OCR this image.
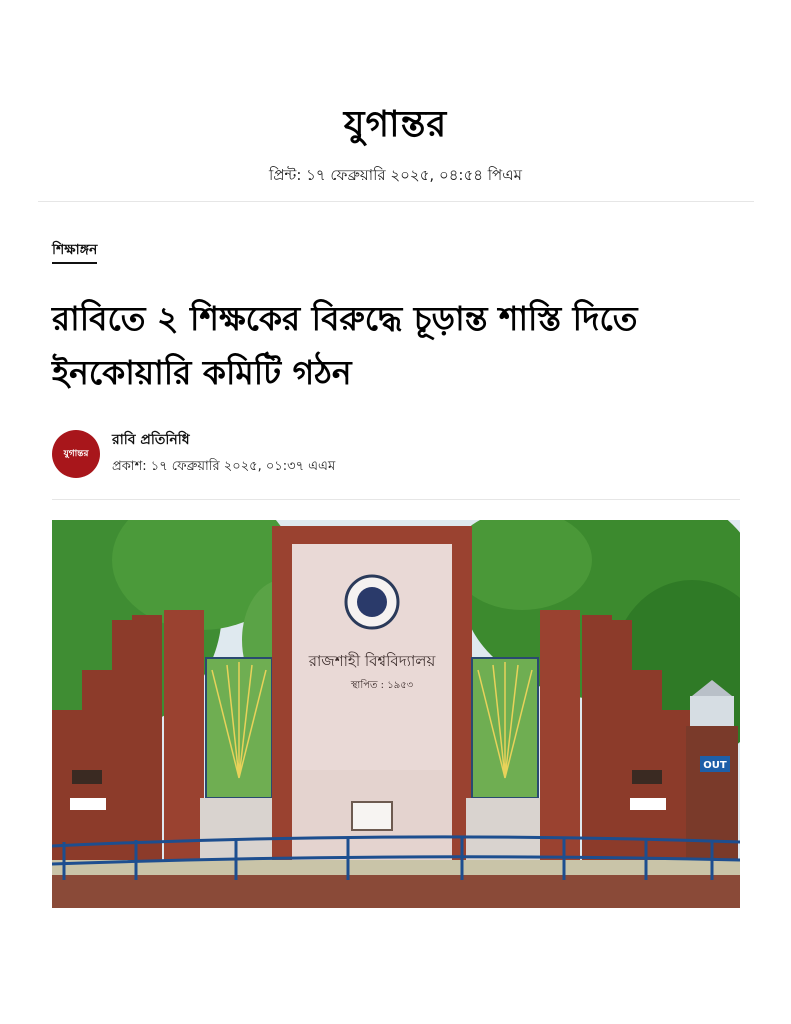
যুগান্তর
প্রিন্ট: ১৭ ফেব্রুয়ারি ২০২৫, ০৪:৫৪ পিএম
শিক্ষাঙ্গন
রাবিতে ২ শিক্ষকের বিরুদ্ধে চূড়ান্ত শাস্তি দিতে ইনকোয়ারি কমিটি গঠন
যুগান্তর
রাবি প্রতিনিধি
প্রকাশ: ১৭ ফেব্রুয়ারি ২০২৫, ০১:৩৭ এএম
রাজশাহী বিশ্ববিদ্যালয়
স্থাপিত : ১৯৫৩
OUT
